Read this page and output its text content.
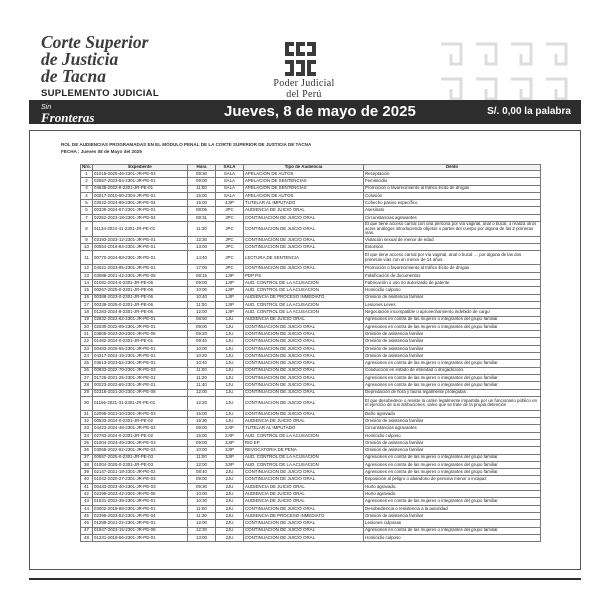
Corte Superior
de Justicia
de Tacna
SUPLEMENTO JUDICIAL
Poder Judicial
del Perú
Sin
Fronteras	Jueves, 8 de mayo de 2025	S/. 0,00 la palabra
ROL DE AUDIENCIAS PROGRAMADAS EN EL MÓDULO PENAL DE LA CORTE SUPERIOR DE JUSTICIA DE TACNA
FECHA : Jueves 08 de Mayo del 2025
Nro.	Expediente	Hora	SALA	Tipo de Audiencia	Delito
1	01015-2025-46-2301-JR-PE-03	08:30	SALA	APELACION DE AUTOS	Receptación
2	02557-2023-54-2301-JR-PE-01	09:00	SALA	APELACION DE SENTENCIAS	Feminicidio
3	04635-2022-8-2301-JR-PE-01	11:00	SALA	APELACION DE SENTENCIAS	Promoción o favorecimiento al tráfico ilícito de drogas
4	00017-2010-50-2304-JR-PE-01	15:00	SALA	APELACION DE AUTOS	Colusión
5	03022-2024-99-2301-JR-PE-04	15:00	4JIP	TUTELAR AL IMPUTADO	Cohecho pasivo específico
6	00339-2024-67-2301-JR-PE-01	08:05	JPC	AUDIENCIA DE JUICIO ORAL	Asesinato
7	02252-2023-18-2301-JR-PE-04	08:31	JPC	CONTINUACION DE JUICIO ORAL	Circunstancias agravantes
8	01134-2024-41-2301-JR-PE-01	11:30	JPC	CONTINUACION DE JUICIO ORAL	El que tiene acceso carnal con una persona por vía vaginal, anal o bucal, o realiza otros actos análogos introduciendo objetos o partes del cuerpo por alguna de las 2 primeras vías.
9	03193-2023-12-2301-JR-PE-01	12:30	JPC	CONTINUACION DE JUICIO ORAL	Violación sexual de menor de edad
10	00554-2016-84-2301-JR-PE-01	13:00	JPC	CONTINUACION DE JUICIO ORAL	Extorsión
11	00770-2024-83-2301-JR-PE-01	14:40	JPC	LECTURA DE SENTENCIA	El que tiene acceso carnal por vía vaginal, anal o bucal … por alguna de las dos primeras vías con un menor de 14 años.
12	04021-2023-95-2301-JR-PE-01	17:00	JPC	CONTINUACION DE JUICIO ORAL	Promoción o favorecimiento al tráfico ilícito de drogas
13	03088-2021-42-2301-JR-PE-05	08:15	1JIP	PDP PS	Falsificación de documentos
14	01081-2024-0-2301-JR-PE-06	09:00	1JIP	AUD. CONTROL DE LA ACUSACION	Fabricación o uso no autorizado de patente
15	00267-2025-0-2301-JR-PE-06	10:00	1JIP	AUD. CONTROL DE LA ACUSACION	Homicidio culposo
16	00388-2023-0-2301-JR-PE-06	10:40	1JIP	AUDIENCIA DE PROCESO INMEDIATO	Omisión de asistencia familiar
17	00338-2025-0-2301-JR-PE-06	11:00	1JIP	AUD. CONTROL DE LA ACUSACION	Lesiones Leves
18	01283-2024-8-2301-JR-PE-06	12:00	1JIP	AUD. CONTROL DE LA ACUSACION	Negociación incompatible o aprovechamiento indebido de cargo
19	02832-2022-62-2301-JR-PE-01	08:50	1JU	AUDIENCIA DE JUICIO ORAL	Agresiones en contra de las mujeres o integrantes del grupo familiar
20	02030-2022-99-2301-JR-PE-01	09:00	1JU	CONTINUACION DE JUICIO ORAL	Agresiones en contra de las mujeres o integrantes del grupo familiar
21	03805-2023-20-2301-JR-PE-05	09:20	1JU	CONTINUACION DE JUICIO ORAL	Omisión de asistencia familiar
22	01482-2024-0-2301-JR-PE-01	09:40	1JU	CONTINUACION DE JUICIO ORAL	Omisión de asistencia familiar
23	00483-2025-65-2301-JR-PE-01	10:00	1JU	CONTINUACION DE JUICIO ORAL	Omisión de asistencia familiar
24	04317-2024-19-2301-JR-PE-01	10:20	1JU	CONTINUACION DE JUICIO ORAL	Omisión de asistencia familiar
25	03613-2023-52-2301-JR-PE-01	10:40	1JU	CONTINUACION DE JUICIO ORAL	Agresiones en contra de las mujeres o integrantes del grupo familiar
26	00833-2022-70-2301-JR-PE-03	11:00	1JU	CONTINUACION DE JUICIO ORAL	Conducción en estado de ebriedad o drogadicción.
27	01726-2021-25-2301-JR-PE-01	11:20	1JU	CONTINUACION DE JUICIO ORAL	Agresiones en contra de las mujeres o integrantes del grupo familiar
28	00223-2022-65-2301-JR-PE-01	11:40	1JU	CONTINUACION DE JUICIO ORAL	Agresiones en contra de las mujeres o integrantes del grupo familiar
29	02318-2021-20-2301-JR-PE-08	12:00	1JU	CONTINUACION DE JUICIO ORAL	Depredación de flora y fauna legalmente protegidas
30	01166-2021-31-2301-JR-PE-01	12:20	1JU	CONTINUACION DE JUICIO ORAL	El que desobedece o resiste la orden legalmente impartida por un funcionario público en el ejercicio de sus atribuciones, salvo que se trate de la propia detención
31	02095-2021-10-2301-JR-PE-03	15:00	1JU	CONTINUACION DE JUICIO ORAL	Daño agravado
32	00533-2024-0-2301-JR-PE-02	15:30	1JU	AUDIENCIA DE JUICIO ORAL	Omisión de asistencia familiar
33	04423-2024-48-2301-JR-PE-02	09:00	2JIP	TUTELAR AL IMPUTADO	Circunstancias agravantes
34	02783-2024-0-2301-JR-PE-02	15:00	2JIP	AUD. CONTROL DE LA ACUSACION	Homicidio culposo
35	01004-2024-49-2301-JR-PE-03	09:00	3JIP	RID EP	Omisión de asistencia familiar
36	03068-2022-62-2301-JR-PE-03	10:00	3JIP	REVOCATORIA DE PENA	Omisión de asistencia familiar
37	00557-2025-0-2301-JR-PE-03	11:00	3JIP	AUD. CONTROL DE LA ACUSACION	Agresiones en contra de las mujeres o integrantes del grupo familiar
38	01004-2025-0-2301-JR-PE-03	12:00	3JIP	AUD. CONTROL DE LA ACUSACION	Agresiones en contra de las mujeres o integrantes del grupo familiar
39	02147-2021-18-2301-JR-PE-02	08:40	2JU	CONTINUACION DE JUICIO ORAL	Agresiones en contra de las mujeres o integrantes del grupo familiar
40	01042-2020-27-2301-JR-PE-03	09:00	2JU	CONTINUACION DE JUICIO ORAL	Exposición al peligro o abandono de persona menor o incapaz
41	00433-2023-40-2301-JR-PE-03	09:30	2JU	AUDIENCIA DE JUICIO ORAL	Hurto agravado.
42	02199-2023-42-2301-JR-PE-06	10:00	2JU	AUDIENCIA DE JUICIO ORAL	Hurto agravado.
43	01531-2022-39-2301-JR-PE-01	10:30	2JU	AUDIENCIA DE JUICIO ORAL	Agresiones en contra de las mujeres o integrantes del grupo familiar
44	03002-2019-88-2301-JR-PE-01	11:00	2JU	CONTINUACION DE JUICIO ORAL	Desobediencia o resistencia a la autoridad
45	02399-2023-52-2301-JR-PE-04	11:30	2JU	AUDIENCIA DE PROCESO INMEDIATO	Omisión de asistencia familiar
46	01289-2021-22-2301-JR-PE-01	12:00	2JU	CONTINUACION DE JUICIO ORAL	Lesiones culposas
47	01947-2023-15-2301-JR-PE-08	12:30	2JU	CONTINUACION DE JUICIO ORAL	Agresiones en contra de las mujeres o integrantes del grupo familiar
48	01231-2018-66-2301-JR-PE-01	13:00	2JU	CONTINUACION DE JUICIO ORAL	Homicidio culposo
